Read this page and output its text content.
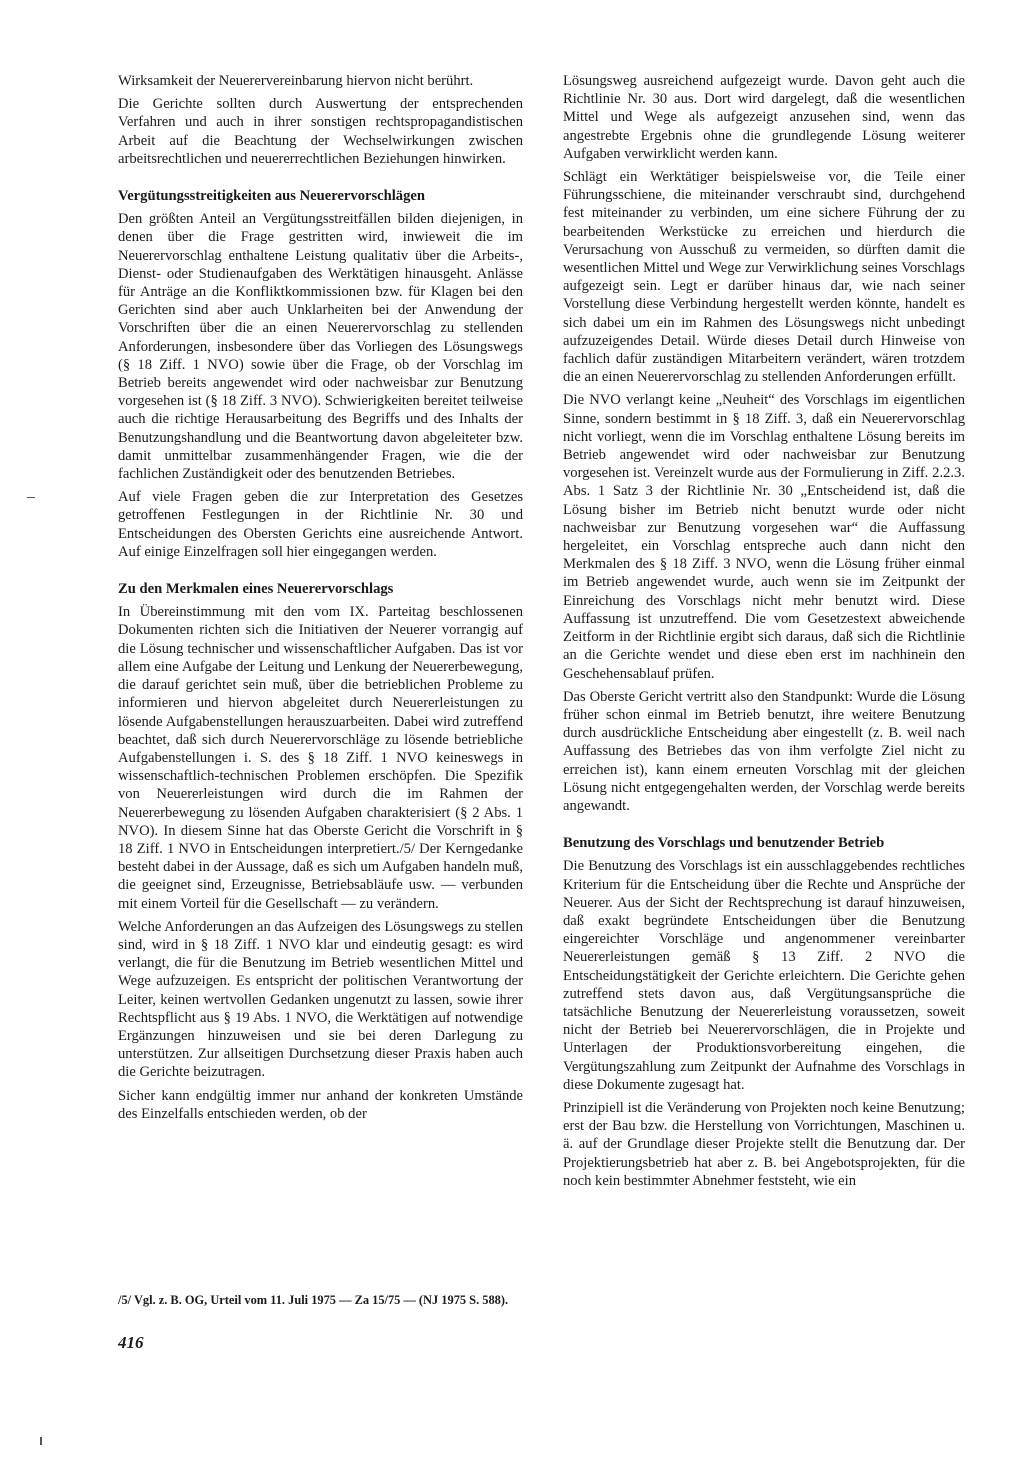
Wirksamkeit der Neuerervereinbarung hiervon nicht berührt.

Die Gerichte sollten durch Auswertung der entsprechenden Verfahren und auch in ihrer sonstigen rechtspropagandistischen Arbeit auf die Beachtung der Wechselwirkungen zwischen arbeitsrechtlichen und neuererrechtlichen Beziehungen hinwirken.

Vergütungsstreitigkeiten aus Neuerervorschlägen

Den größten Anteil an Vergütungsstreitfällen bilden diejenigen, in denen über die Frage gestritten wird, inwieweit die im Neuerervorschlag enthaltene Leistung qualitativ über die Arbeits-, Dienst- oder Studienaufgaben des Werktätigen hinausgeht. Anlässe für Anträge an die Konfliktkommissionen bzw. für Klagen bei den Gerichten sind aber auch Unklarheiten bei der Anwendung der Vorschriften über die an einen Neuerervorschlag zu stellenden Anforderungen, insbesondere über das Vorliegen des Lösungswegs (§ 18 Ziff. 1 NVO) sowie über die Frage, ob der Vorschlag im Betrieb bereits angewendet wird oder nachweisbar zur Benutzung vorgesehen ist (§ 18 Ziff. 3 NVO). Schwierigkeiten bereitet teilweise auch die richtige Herausarbeitung des Begriffs und des Inhalts der Benutzungshandlung und die Beantwortung davon abgeleiteter bzw. damit unmittelbar zusammenhängender Fragen, wie die der fachlichen Zuständigkeit oder des benutzenden Betriebes.

Auf viele Fragen geben die zur Interpretation des Gesetzes getroffenen Festlegungen in der Richtlinie Nr. 30 und Entscheidungen des Obersten Gerichts eine ausreichende Antwort. Auf einige Einzelfragen soll hier eingegangen werden.

Zu den Merkmalen eines Neuerervorschlags

In Übereinstimmung mit den vom IX. Parteitag beschlossenen Dokumenten richten sich die Initiativen der Neuerer vorrangig auf die Lösung technischer und wissenschaftlicher Aufgaben. Das ist vor allem eine Aufgabe der Leitung und Lenkung der Neuererbewegung, die darauf gerichtet sein muß, über die betrieblichen Probleme zu informieren und hiervon abgeleitet durch Neuererleistungen zu lösende Aufgabenstellungen herauszuarbeiten. Dabei wird zutreffend beachtet, daß sich durch Neuerervorschläge zu lösende betriebliche Aufgabenstellungen i. S. des § 18 Ziff. 1 NVO keineswegs in wissenschaftlich-technischen Problemen erschöpfen. Die Spezifik von Neuererleistungen wird durch die im Rahmen der Neuererbewegung zu lösenden Aufgaben charakterisiert (§ 2 Abs. 1 NVO). In diesem Sinne hat das Oberste Gericht die Vorschrift in § 18 Ziff. 1 NVO in Entscheidungen interpretiert./5/ Der Kerngedanke besteht dabei in der Aussage, daß es sich um Aufgaben handeln muß, die geeignet sind, Erzeugnisse, Betriebsabläufe usw. — verbunden mit einem Vorteil für die Gesellschaft — zu verändern.

Welche Anforderungen an das Aufzeigen des Lösungswegs zu stellen sind, wird in § 18 Ziff. 1 NVO klar und eindeutig gesagt: es wird verlangt, die für die Benutzung im Betrieb wesentlichen Mittel und Wege aufzuzeigen. Es entspricht der politischen Verantwortung der Leiter, keinen wertvollen Gedanken ungenutzt zu lassen, sowie ihrer Rechtspflicht aus § 19 Abs. 1 NVO, die Werktätigen auf notwendige Ergänzungen hinzuweisen und sie bei deren Darlegung zu unterstützen. Zur allseitigen Durchsetzung dieser Praxis haben auch die Gerichte beizutragen.

Sicher kann endgültig immer nur anhand der konkreten Umstände des Einzelfalls entschieden werden, ob der

Lösungsweg ausreichend aufgezeigt wurde. Davon geht auch die Richtlinie Nr. 30 aus. Dort wird dargelegt, daß die wesentlichen Mittel und Wege als aufgezeigt anzusehen sind, wenn das angestrebte Ergebnis ohne die grundlegende Lösung weiterer Aufgaben verwirklicht werden kann.

Schlägt ein Werktätiger beispielsweise vor, die Teile einer Führungsschiene, die miteinander verschraubt sind, durchgehend fest miteinander zu verbinden, um eine sichere Führung der zu bearbeitenden Werkstücke zu erreichen und hierdurch die Verursachung von Ausschuß zu vermeiden, so dürften damit die wesentlichen Mittel und Wege zur Verwirklichung seines Vorschlags aufgezeigt sein. Legt er darüber hinaus dar, wie nach seiner Vorstellung diese Verbindung hergestellt werden könnte, handelt es sich dabei um ein im Rahmen des Lösungswegs nicht unbedingt aufzuzeigendes Detail. Würde dieses Detail durch Hinweise von fachlich dafür zuständigen Mitarbeitern verändert, wären trotzdem die an einen Neuerervorschlag zu stellenden Anforderungen erfüllt.

Die NVO verlangt keine „Neuheit“ des Vorschlags im eigentlichen Sinne, sondern bestimmt in § 18 Ziff. 3, daß ein Neuerervorschlag nicht vorliegt, wenn die im Vorschlag enthaltene Lösung bereits im Betrieb angewendet wird oder nachweisbar zur Benutzung vorgesehen ist. Vereinzelt wurde aus der Formulierung in Ziff. 2.2.3. Abs. 1 Satz 3 der Richtlinie Nr. 30 „Entscheidend ist, daß die Lösung bisher im Betrieb nicht benutzt wurde oder nicht nachweisbar zur Benutzung vorgesehen war“ die Auffassung hergeleitet, ein Vorschlag entspreche auch dann nicht den Merkmalen des § 18 Ziff. 3 NVO, wenn die Lösung früher einmal im Betrieb angewendet wurde, auch wenn sie im Zeitpunkt der Einreichung des Vorschlags nicht mehr benutzt wird. Diese Auffassung ist unzutreffend. Die vom Gesetzestext abweichende Zeitform in der Richtlinie ergibt sich daraus, daß sich die Richtlinie an die Gerichte wendet und diese eben erst im nachhinein den Geschehensablauf prüfen.

Das Oberste Gericht vertritt also den Standpunkt: Wurde die Lösung früher schon einmal im Betrieb benutzt, ihre weitere Benutzung durch ausdrückliche Entscheidung aber eingestellt (z. B. weil nach Auffassung des Betriebes das von ihm verfolgte Ziel nicht zu erreichen ist), kann einem erneuten Vorschlag mit der gleichen Lösung nicht entgegengehalten werden, der Vorschlag werde bereits angewandt.

Benutzung des Vorschlags und benutzender Betrieb

Die Benutzung des Vorschlags ist ein ausschlaggebendes rechtliches Kriterium für die Entscheidung über die Rechte und Ansprüche der Neuerer. Aus der Sicht der Rechtsprechung ist darauf hinzuweisen, daß exakt begründete Entscheidungen über die Benutzung eingereichter Vorschläge und angenommener vereinbarter Neuererleistungen gemäß § 13 Ziff. 2 NVO die Entscheidungstätigkeit der Gerichte erleichtern. Die Gerichte gehen zutreffend stets davon aus, daß Vergütungsansprüche die tatsächliche Benutzung der Neuererleistung voraussetzen, soweit nicht der Betrieb bei Neuerervorschlägen, die in Projekte und Unterlagen der Produktionsvorbereitung eingehen, die Vergütungszahlung zum Zeitpunkt der Aufnahme des Vorschlags in diese Dokumente zugesagt hat.

Prinzipiell ist die Veränderung von Projekten noch keine Benutzung; erst der Bau bzw. die Herstellung von Vorrichtungen, Maschinen u. ä. auf der Grundlage dieser Projekte stellt die Benutzung dar. Der Projektierungsbetrieb hat aber z. B. bei Angebotsprojekten, für die noch kein bestimmter Abnehmer feststeht, wie ein

/5/ Vgl. z. B. OG, Urteil vom 11. Juli 1975 — Za 15/75 — (NJ 1975 S. 588).

416
